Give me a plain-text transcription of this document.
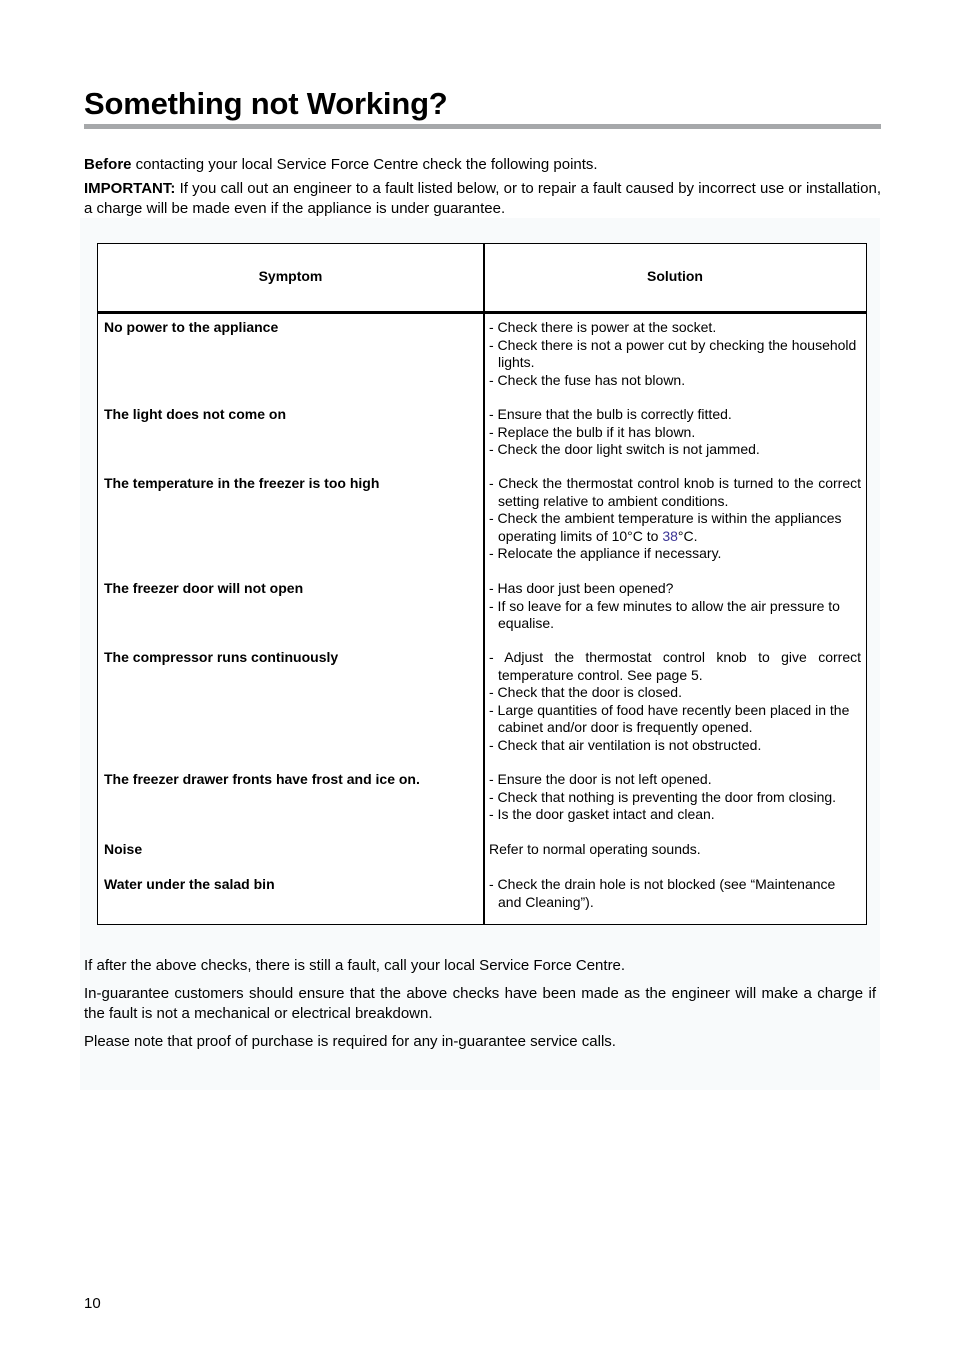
Something not Working?

Before contacting your local Service Force Centre check the following points.

IMPORTANT: If you call out an engineer to a fault listed below, or to repair a fault caused by incorrect use or installation, a charge will be made even if the appliance is under guarantee.

Symptom	Solution
No power to the appliance	- Check there is power at the socket.
- Check there is not a power cut by checking the household lights.
- Check the fuse has not blown.
The light does not come on	- Ensure that the bulb is correctly fitted.
- Replace the bulb if it has blown.
- Check the door light switch is not jammed.
The temperature in the freezer is too high	- Check the thermostat control knob is turned to the correct setting relative to ambient conditions.
- Check the ambient temperature is within the appliances operating limits of 10°C to 38°C.
- Relocate the appliance if necessary.
The freezer door will not open	- Has door just been opened?
- If so leave for a few minutes to allow the air pressure to equalise.
The compressor runs continuously	- Adjust the thermostat control knob to give correct temperature control. See page 5.
- Check that the door is closed.
- Large quantities of food have recently been placed in the cabinet and/or door is frequently opened.
- Check that air ventilation is not obstructed.
The freezer drawer fronts have frost and ice on.	- Ensure the door is not left opened.
- Check that nothing is preventing the door from closing.
- Is the door gasket intact and clean.
Noise	Refer to normal operating sounds.
Water under the salad bin	- Check the drain hole is not blocked (see “Maintenance and Cleaning”).

If after the above checks, there is still a fault, call your local Service Force Centre.

In-guarantee customers should ensure that the above checks have been made as the engineer will make a charge if the fault is not a mechanical or electrical breakdown.

Please note that proof of purchase is required for any in-guarantee service calls.

10
